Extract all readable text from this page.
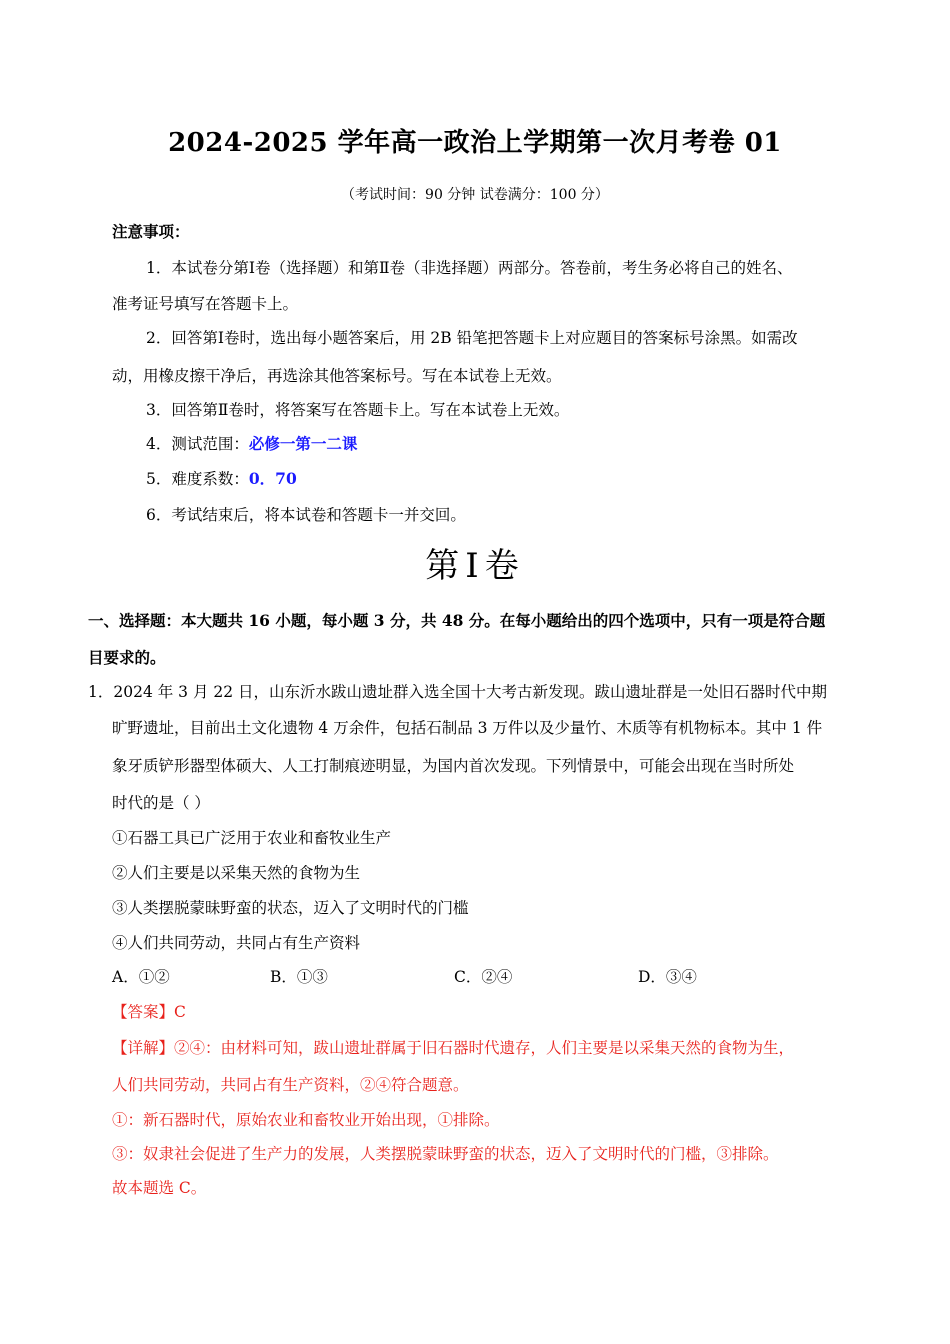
2024-2025 学年高一政治上学期第一次月考卷 01
（考试时间：90 分钟 试卷满分：100 分）
注意事项：
1．本试卷分第Ⅰ卷（选择题）和第Ⅱ卷（非选择题）两部分。答卷前，考生务必将自己的姓名、
准考证号填写在答题卡上。
2．回答第Ⅰ卷时，选出每小题答案后，用 2B 铅笔把答题卡上对应题目的答案标号涂黑。如需改
动，用橡皮擦干净后，再选涂其他答案标号。写在本试卷上无效。
3．回答第Ⅱ卷时，将答案写在答题卡上。写在本试卷上无效。
4．测试范围：必修一第一二课
5．难度系数：0．70
6．考试结束后，将本试卷和答题卡一并交回。
第Ⅰ卷
一、选择题：本大题共 16 小题，每小题 3 分，共 48 分。在每小题给出的四个选项中，只有一项是符合题
目要求的。
1．2024 年 3 月 22 日，山东沂水跋山遗址群入选全国十大考古新发现。跋山遗址群是一处旧石器时代中期
旷野遗址，目前出土文化遗物 4 万余件，包括石制品 3 万件以及少量竹、木质等有机物标本。其中 1 件
象牙质铲形器型体硕大、人工打制痕迹明显，为国内首次发现。下列情景中，可能会出现在当时所处
时代的是（ ）
①石器工具已广泛用于农业和畜牧业生产
②人们主要是以采集天然的食物为生
③人类摆脱蒙昧野蛮的状态，迈入了文明时代的门槛
④人们共同劳动，共同占有生产资料
A．①②	B．①③	C．②④	D．③④
【答案】C
【详解】②④：由材料可知，跋山遗址群属于旧石器时代遗存，人们主要是以采集天然的食物为生，
人们共同劳动，共同占有生产资料，②④符合题意。
①：新石器时代，原始农业和畜牧业开始出现，①排除。
③：奴隶社会促进了生产力的发展，人类摆脱蒙昧野蛮的状态，迈入了文明时代的门槛，③排除。
故本题选 C。
